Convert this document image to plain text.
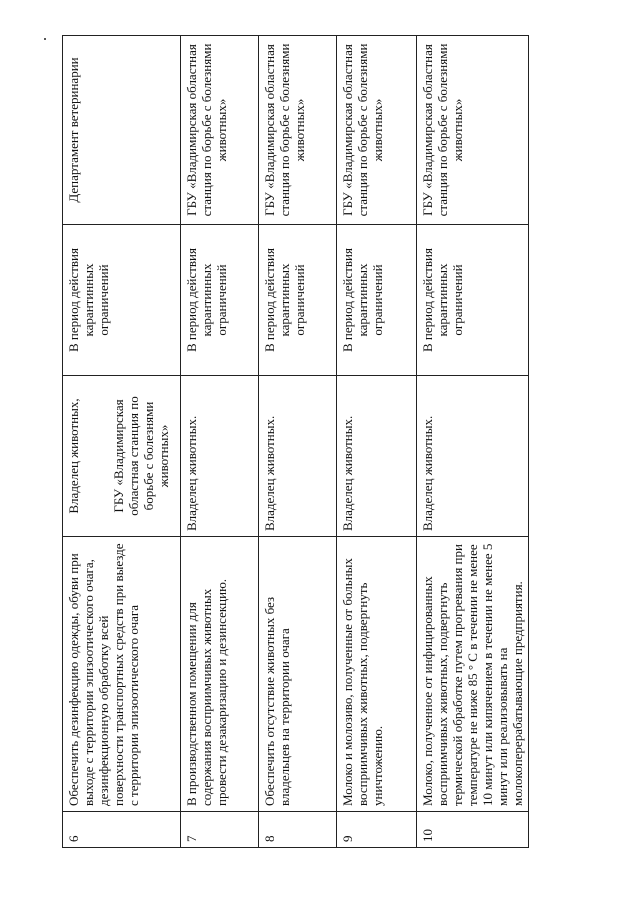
6	Обеспечить дезинфекцию одежды, обуви при выходе с территории эпизоотического очага, дезинфекционную обработку всей поверхности транспортных средств при выезде с территории эпизоотического очага	Владелец животных, ГБУ «Владимирская областная станция по борьбе с болезнями животных»	В период действия карантинных ограничений	Департамент ветеринарии
7	В производственном помещении для содержания восприимчивых животных провести дезакаризацию и дезинсекцию.	Владелец животных.	В период действия карантинных ограничений	ГБУ «Владимирская областная станция по борьбе с болезнями животных»
8	Обеспечить отсутствие животных без владельцев на территории очага	Владелец животных.	В период действия карантинных ограничений	ГБУ «Владимирская областная станция по борьбе с болезнями животных»
9	Молоко и молозиво, полученные от больных восприимчивых животных, подвергнуть уничтожению.	Владелец животных.	В период действия карантинных ограничений	ГБУ «Владимирская областная станция по борьбе с болезнями животных»
10	Молоко, полученное от инфицированных восприимчивых животных, подвергнуть термической обработке путем прогревания при температуре не ниже 85 ° С в течении не менее 10 минут или кипячением в течении не менее 5 минут или реализовывать на молокоперерабатывающие предприятия.	Владелец животных.	В период действия карантинных ограничений	ГБУ «Владимирская областная станция по борьбе с болезнями животных»
